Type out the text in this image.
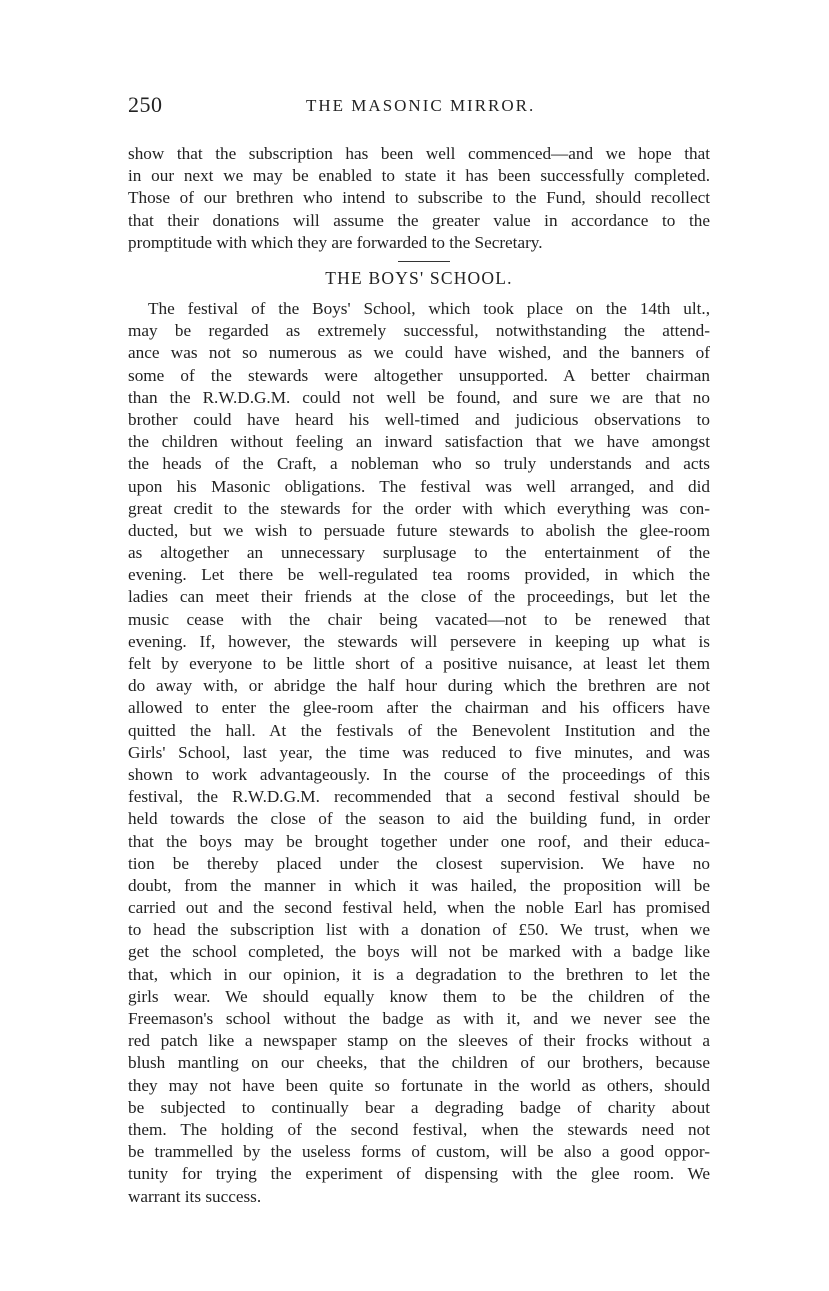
250	THE MASONIC MIRROR.
show that the subscription has been well commenced—and we hope that
in our next we may be enabled to state it has been successfully completed.
Those of our brethren who intend to subscribe to the Fund, should recollect
that their donations will assume the greater value in accordance to the
promptitude with which they are forwarded to the Secretary.
THE BOYS' SCHOOL.
The festival of the Boys' School, which took place on the 14th ult.,
may be regarded as extremely successful, notwithstanding the attend-
ance was not so numerous as we could have wished, and the banners of
some of the stewards were altogether unsupported. A better chairman
than the R.W.D.G.M. could not well be found, and sure we are that no
brother could have heard his well-timed and judicious observations to
the children without feeling an inward satisfaction that we have amongst
the heads of the Craft, a nobleman who so truly understands and acts
upon his Masonic obligations. The festival was well arranged, and did
great credit to the stewards for the order with which everything was con-
ducted, but we wish to persuade future stewards to abolish the glee-room
as altogether an unnecessary surplusage to the entertainment of the
evening. Let there be well-regulated tea rooms provided, in which the
ladies can meet their friends at the close of the proceedings, but let the
music cease with the chair being vacated—not to be renewed that
evening. If, however, the stewards will persevere in keeping up what is
felt by everyone to be little short of a positive nuisance, at least let them
do away with, or abridge the half hour during which the brethren are not
allowed to enter the glee-room after the chairman and his officers have
quitted the hall. At the festivals of the Benevolent Institution and the
Girls' School, last year, the time was reduced to five minutes, and was
shown to work advantageously. In the course of the proceedings of this
festival, the R.W.D.G.M. recommended that a second festival should be
held towards the close of the season to aid the building fund, in order
that the boys may be brought together under one roof, and their educa-
tion be thereby placed under the closest supervision. We have no
doubt, from the manner in which it was hailed, the proposition will be
carried out and the second festival held, when the noble Earl has promised
to head the subscription list with a donation of £50. We trust, when we
get the school completed, the boys will not be marked with a badge like
that, which in our opinion, it is a degradation to the brethren to let the
girls wear. We should equally know them to be the children of the
Freemason's school without the badge as with it, and we never see the
red patch like a newspaper stamp on the sleeves of their frocks without a
blush mantling on our cheeks, that the children of our brothers, because
they may not have been quite so fortunate in the world as others, should
be subjected to continually bear a degrading badge of charity about
them. The holding of the second festival, when the stewards need not
be trammelled by the useless forms of custom, will be also a good oppor-
tunity for trying the experiment of dispensing with the glee room. We
warrant its success.
